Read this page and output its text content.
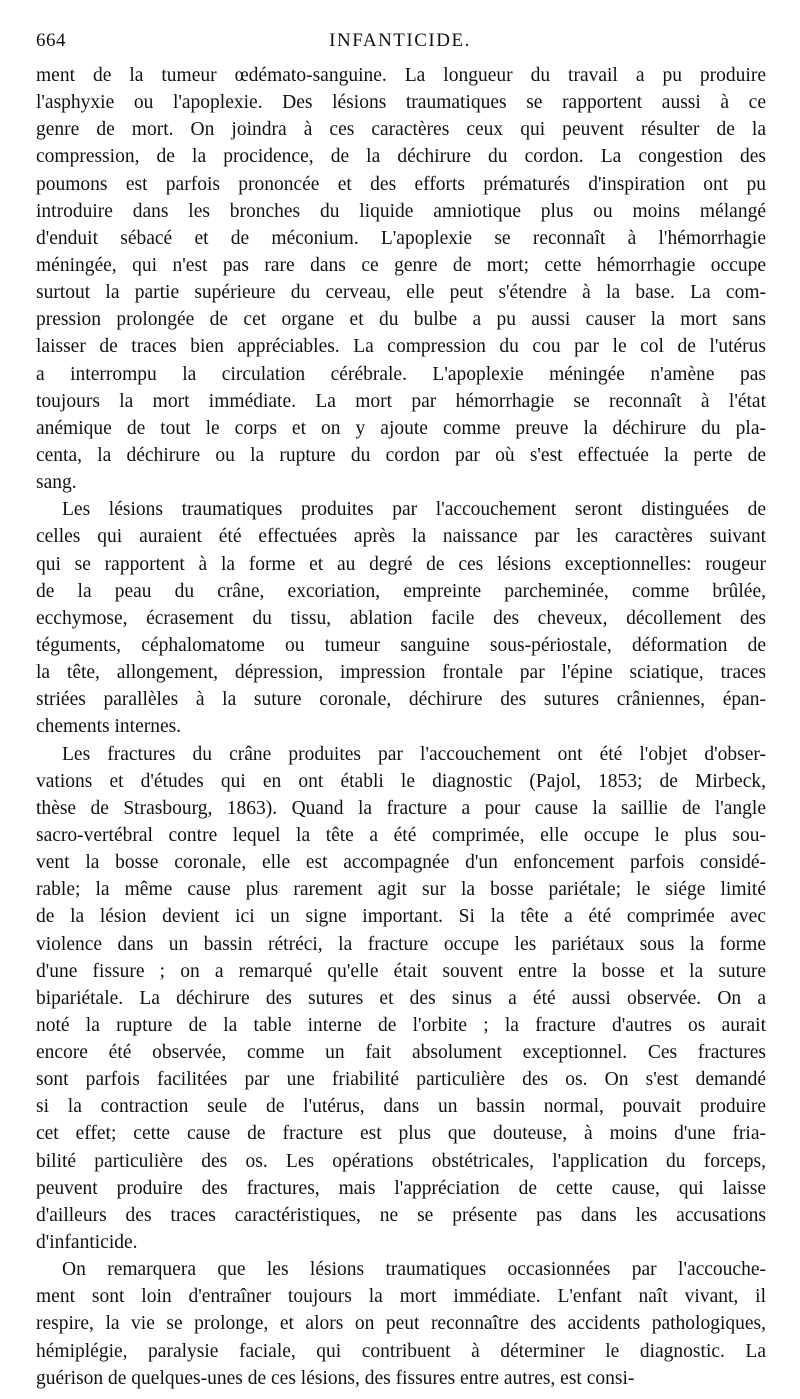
664	INFANTICIDE.
ment de la tumeur œdémato-sanguine. La longueur du travail a pu produire
l'asphyxie ou l'apoplexie. Des lésions traumatiques se rapportent aussi à ce
genre de mort. On joindra à ces caractères ceux qui peuvent résulter de la
compression, de la procidence, de la déchirure du cordon. La congestion des
poumons est parfois prononcée et des efforts prématurés d'inspiration ont pu
introduire dans les bronches du liquide amniotique plus ou moins mélangé
d'enduit sébacé et de méconium. L'apoplexie se reconnaît à l'hémorrhagie
méningée, qui n'est pas rare dans ce genre de mort; cette hémorrhagie occupe
surtout la partie supérieure du cerveau, elle peut s'étendre à la base. La com-
pression prolongée de cet organe et du bulbe a pu aussi causer la mort sans
laisser de traces bien appréciables. La compression du cou par le col de l'utérus
a interrompu la circulation cérébrale. L'apoplexie méningée n'amène pas
toujours la mort immédiate. La mort par hémorrhagie se reconnaît à l'état
anémique de tout le corps et on y ajoute comme preuve la déchirure du pla-
centa, la déchirure ou la rupture du cordon par où s'est effectuée la perte de
sang.
Les lésions traumatiques produites par l'accouchement seront distinguées de
celles qui auraient été effectuées après la naissance par les caractères suivant
qui se rapportent à la forme et au degré de ces lésions exceptionnelles: rougeur
de la peau du crâne, excoriation, empreinte parcheminée, comme brûlée,
ecchymose, écrasement du tissu, ablation facile des cheveux, décollement des
téguments, céphalomatome ou tumeur sanguine sous-périostale, déformation de
la tête, allongement, dépression, impression frontale par l'épine sciatique, traces
striées parallèles à la suture coronale, déchirure des sutures crâniennes, épan-
chements internes.
Les fractures du crâne produites par l'accouchement ont été l'objet d'obser-
vations et d'études qui en ont établi le diagnostic (Pajol, 1853; de Mirbeck,
thèse de Strasbourg, 1863). Quand la fracture a pour cause la saillie de l'angle
sacro-vertébral contre lequel la tête a été comprimée, elle occupe le plus sou-
vent la bosse coronale, elle est accompagnée d'un enfoncement parfois considé-
rable; la même cause plus rarement agit sur la bosse pariétale; le siége limité
de la lésion devient ici un signe important. Si la tête a été comprimée avec
violence dans un bassin rétréci, la fracture occupe les pariétaux sous la forme
d'une fissure ; on a remarqué qu'elle était souvent entre la bosse et la suture
bipariétale. La déchirure des sutures et des sinus a été aussi observée. On a
noté la rupture de la table interne de l'orbite ; la fracture d'autres os aurait
encore été observée, comme un fait absolument exceptionnel. Ces fractures
sont parfois facilitées par une friabilité particulière des os. On s'est demandé
si la contraction seule de l'utérus, dans un bassin normal, pouvait produire
cet effet; cette cause de fracture est plus que douteuse, à moins d'une fria-
bilité particulière des os. Les opérations obstétricales, l'application du forceps,
peuvent produire des fractures, mais l'appréciation de cette cause, qui laisse
d'ailleurs des traces caractéristiques, ne se présente pas dans les accusations
d'infanticide.
On remarquera que les lésions traumatiques occasionnées par l'accouche-
ment sont loin d'entraîner toujours la mort immédiate. L'enfant naît vivant, il
respire, la vie se prolonge, et alors on peut reconnaître des accidents pathologiques,
hémiplégie, paralysie faciale, qui contribuent à déterminer le diagnostic. La
guérison de quelques-unes de ces lésions, des fissures entre autres, est consi-
